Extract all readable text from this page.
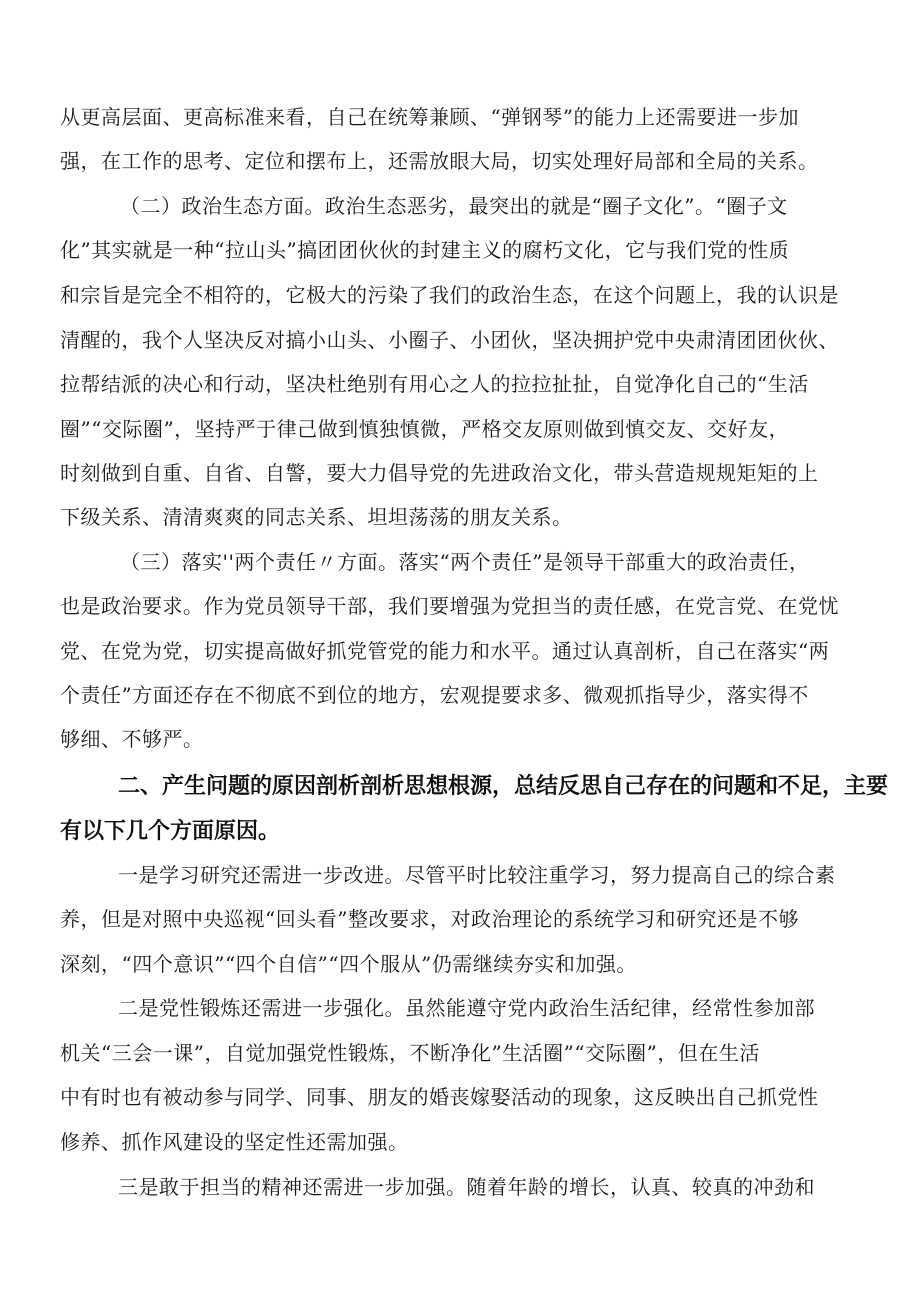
从更高层面、更高标准来看，自己在统筹兼顾、“弹钢琴”的能力上还需要进一步加
强，在工作的思考、定位和摆布上，还需放眼大局，切实处理好局部和全局的关系。
（二）政治生态方面。政治生态恶劣，最突出的就是“圈子文化”。“圈子文
化”其实就是一种“拉山头”搞团团伙伙的封建主义的腐朽文化，它与我们党的性质
和宗旨是完全不相符的，它极大的污染了我们的政治生态，在这个问题上，我的认识是
清醒的，我个人坚决反对搞小山头、小圈子、小团伙，坚决拥护党中央肃清团团伙伙、
拉帮结派的决心和行动，坚决杜绝别有用心之人的拉拉扯扯，自觉净化自己的“生活
圈”“交际圈”，坚持严于律己做到慎独慎微，严格交友原则做到慎交友、交好友，
时刻做到自重、自省、自警，要大力倡导党的先进政治文化，带头营造规规矩矩的上
下级关系、清清爽爽的同志关系、坦坦荡荡的朋友关系。
（三）落实''两个责任〃方面。落实“两个责任”是领导干部重大的政治责任，
也是政治要求。作为党员领导干部，我们要增强为党担当的责任感，在党言党、在党忧
党、在党为党，切实提高做好抓党管党的能力和水平。通过认真剖析，自己在落实“两
个责任”方面还存在不彻底不到位的地方，宏观提要求多、微观抓指导少，落实得不
够细、不够严。
二、产生问题的原因剖析剖析思想根源，总结反思自己存在的问题和不足，主要
有以下几个方面原因。
一是学习研究还需进一步改进。尽管平时比较注重学习，努力提高自己的综合素
养，但是对照中央巡视“回头看”整改要求，对政治理论的系统学习和研究还是不够
深刻，“四个意识”“四个自信”“四个服从”仍需继续夯实和加强。
二是党性锻炼还需进一步强化。虽然能遵守党内政治生活纪律，经常性参加部
机关“三会一课”，自觉加强党性锻炼，不断净化”生活圈”“交际圈”，但在生活
中有时也有被动参与同学、同事、朋友的婚丧嫁娶活动的现象，这反映出自己抓党性
修养、抓作风建设的坚定性还需加强。
三是敢于担当的精神还需进一步加强。随着年龄的增长，认真、较真的冲劲和
